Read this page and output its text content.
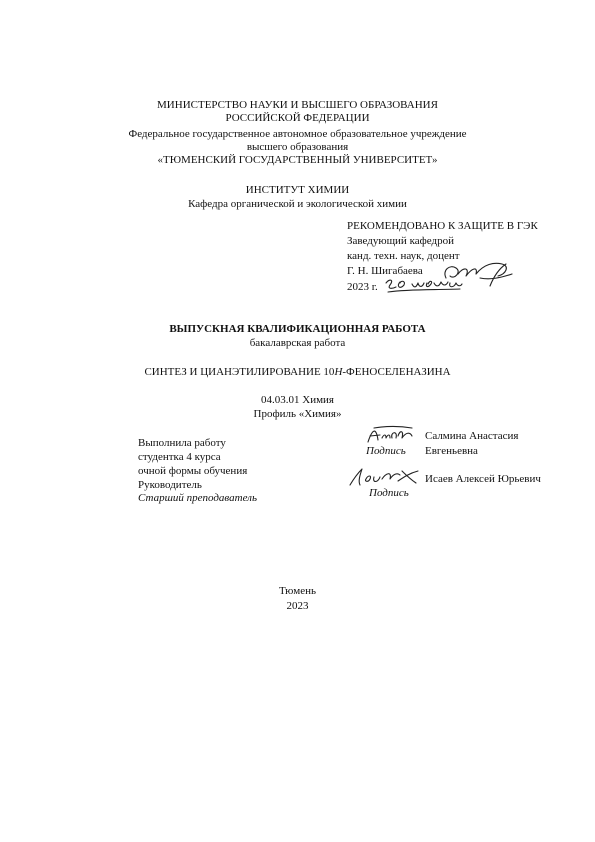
МИНИСТЕРСТВО НАУКИ И ВЫСШЕГО ОБРАЗОВАНИЯ
РОССИЙСКОЙ ФЕДЕРАЦИИ
Федеральное государственное автономное образовательное учреждение
высшего образования
«ТЮМЕНСКИЙ ГОСУДАРСТВЕННЫЙ УНИВЕРСИТЕТ»
ИНСТИТУТ ХИМИИ
Кафедра органической и экологической химии
РЕКОМЕНДОВАНО К ЗАЩИТЕ В ГЭК
Заведующий кафедрой
канд. техн. наук, доцент
Г. Н. Шигабаева
2023 г.
ВЫПУСКНАЯ КВАЛИФИКАЦИОННАЯ РАБОТА
бакалаврская работа
СИНТЕЗ И ЦИАНЭТИЛИРОВАНИЕ 10H-ФЕНОСЕЛЕНАЗИНА
04.03.01 Химия
Профиль «Химия»
Выполнила работу
студентка 4 курса
очной формы обучения
Подпись
Салмина Анастасия
Евгеньевна
Руководитель
Старший преподаватель	Подпись
Исаев Алексей Юрьевич
Тюмень
2023
